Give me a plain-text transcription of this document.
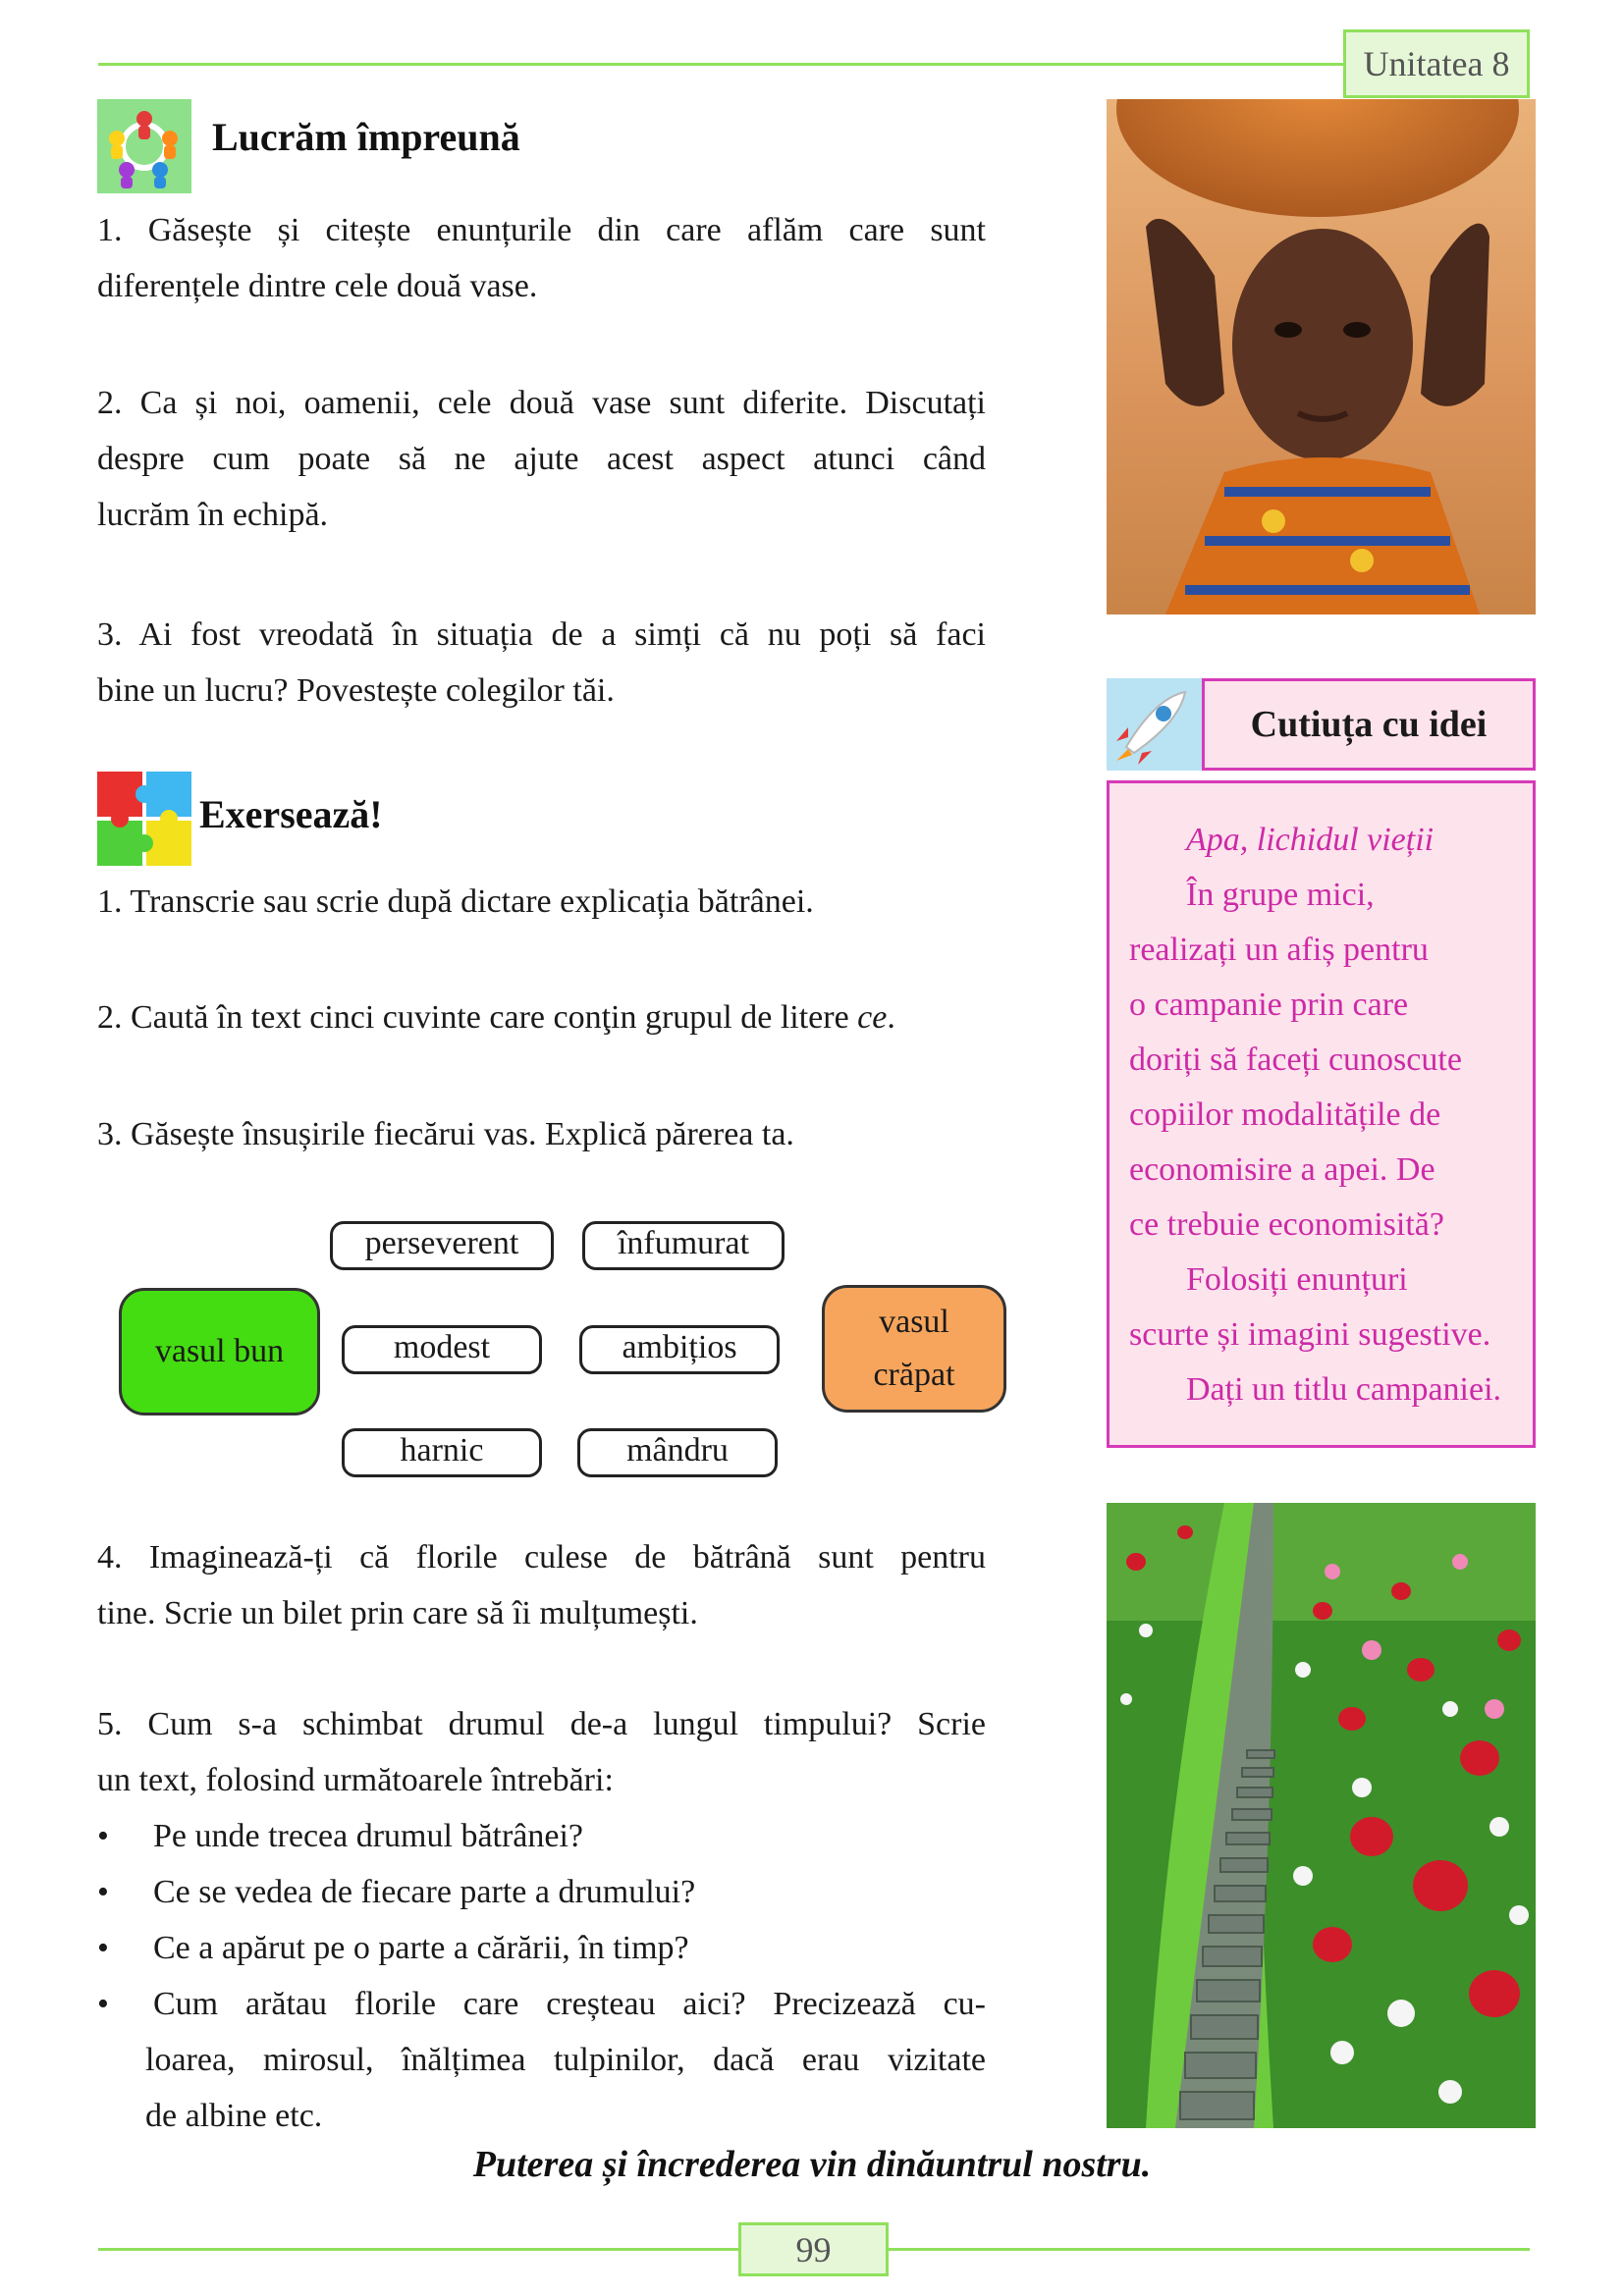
Unitatea 8
Lucrăm împreună
1. Găsește și citește enunțurile din care aflăm care sunt
diferențele dintre cele două vase.
2. Ca și noi, oamenii, cele două vase sunt diferite. Discutați
despre cum poate să ne ajute acest aspect atunci când
lucrăm în echipă.
3. Ai fost vreodată în situația de a simți că nu poți să faci
bine un lucru? Povestește colegilor tăi.
Exersează!
1. Transcrie sau scrie după dictare explicația bătrânei.
2. Caută în text cinci cuvinte care conţin grupul de litere ce.
3. Găsește însușirile fiecărui vas. Explică părerea ta.
vasul bun
perseverent	înfumurat
modest	ambițios
harnic	mândru
vasul
crăpat
4. Imaginează-ți că florile culese de bătrână sunt pentru
tine. Scrie un bilet prin care să îi mulțumești.
5. Cum s-a schimbat drumul de-a lungul timpului? Scrie
un text, folosind următoarele întrebări:
• Pe unde trecea drumul bătrânei?
• Ce se vedea de fiecare parte a drumului?
• Ce a apărut pe o parte a cărării, în timp?
•	Cum arătau florile care creșteau aici? Precizează cu-
loarea, mirosul, înălțimea tulpinilor, dacă erau vizitate
de albine etc.
Puterea și încrederea vin dinăuntrul nostru.
Cutiuța cu idei
Apa, lichidul vieții
În grupe mici,
realizați un afiș pentru
o campanie prin care
doriți să faceți cunoscute
copiilor modalitățile de
economisire a apei. De
ce trebuie economisită?
Folosiți enunțuri
scurte și imagini sugestive.
Dați un titlu campaniei.
99
